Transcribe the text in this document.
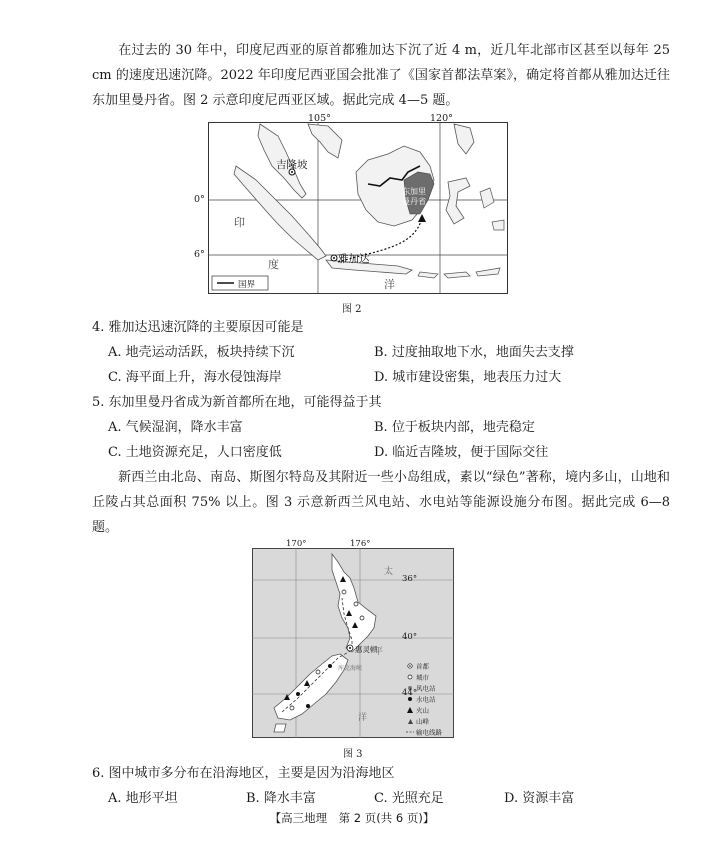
在过去的 30 年中，印度尼西亚的原首都雅加达下沉了近 4 m，近几年北部市区甚至以每年 25 cm 的速度迅速沉降。2022 年印度尼西亚国会批准了《国家首都法草案》，确定将首都从雅加达迁往东加里曼丹省。图 2 示意印度尼西亚区域。据此完成 4—5 题。
吉隆坡
雅加达
东加里
曼丹省
印
度
洋
国界
105°	120°
0°
6°
图 2
4. 雅加达迅速沉降的主要原因可能是
A. 地壳运动活跃，板块持续下沉	B. 过度抽取地下水，地面失去支撑
C. 海平面上升，海水侵蚀海岸	D. 城市建设密集，地表压力过大
5. 东加里曼丹省成为新首都所在地，可能得益于其
A. 气候湿润，降水丰富	B. 位于板块内部，地壳稳定
C. 土地资源充足，人口密度低	D. 临近吉隆坡，便于国际交往
新西兰由北岛、南岛、斯图尔特岛及其附近一些小岛组成，素以“绿色”著称，境内多山，山地和丘陵占其总面积 75% 以上。图 3 示意新西兰风电站、水电站等能源设施分布图。据此完成 6—8 题。
惠灵顿
库克海峡
太
平
洋
首都
城市
风电站
水电站
火山
山峰
输电线路
170°	176°
36°
40°
44°
图 3
6. 图中城市多分布在沿海地区，主要是因为沿海地区
A. 地形平坦	B. 降水丰富	C. 光照充足	D. 资源丰富
【高三地理　第 2 页(共 6 页)】
